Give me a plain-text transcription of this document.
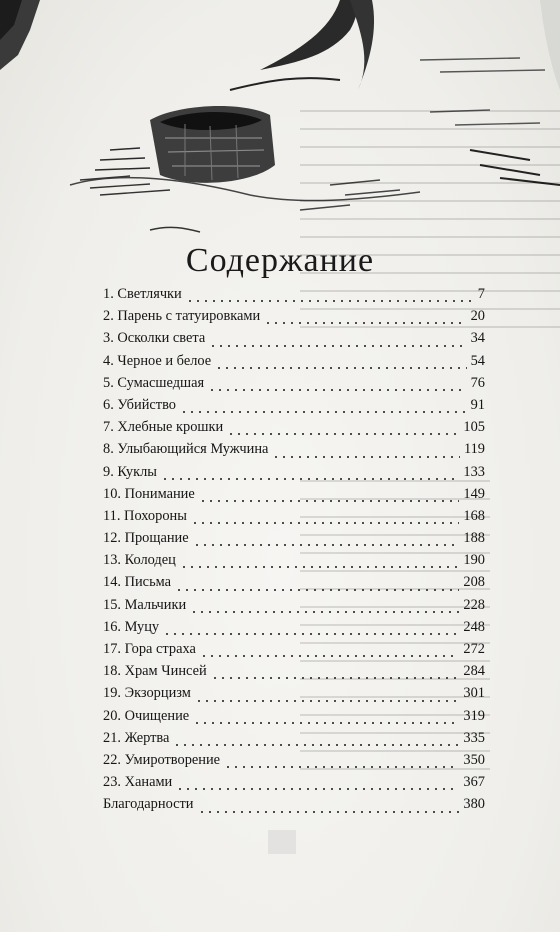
Содержание
1. Светлячки	7
2. Парень с татуировками	20
3. Осколки света	34
4. Черное и белое	54
5. Сумасшедшая	76
6. Убийство	91
7. Хлебные крошки	105
8. Улыбающийся Мужчина	119
9. Куклы	133
10. Понимание	149
11. Похороны	168
12. Прощание	188
13. Колодец	190
14. Письма	208
15. Мальчики	228
16. Муцу	248
17. Гора страха	272
18. Храм Чинсей	284
19. Экзорцизм	301
20. Очищение	319
21. Жертва	335
22. Умиротворение	350
23. Ханами	367
Благодарности	380
